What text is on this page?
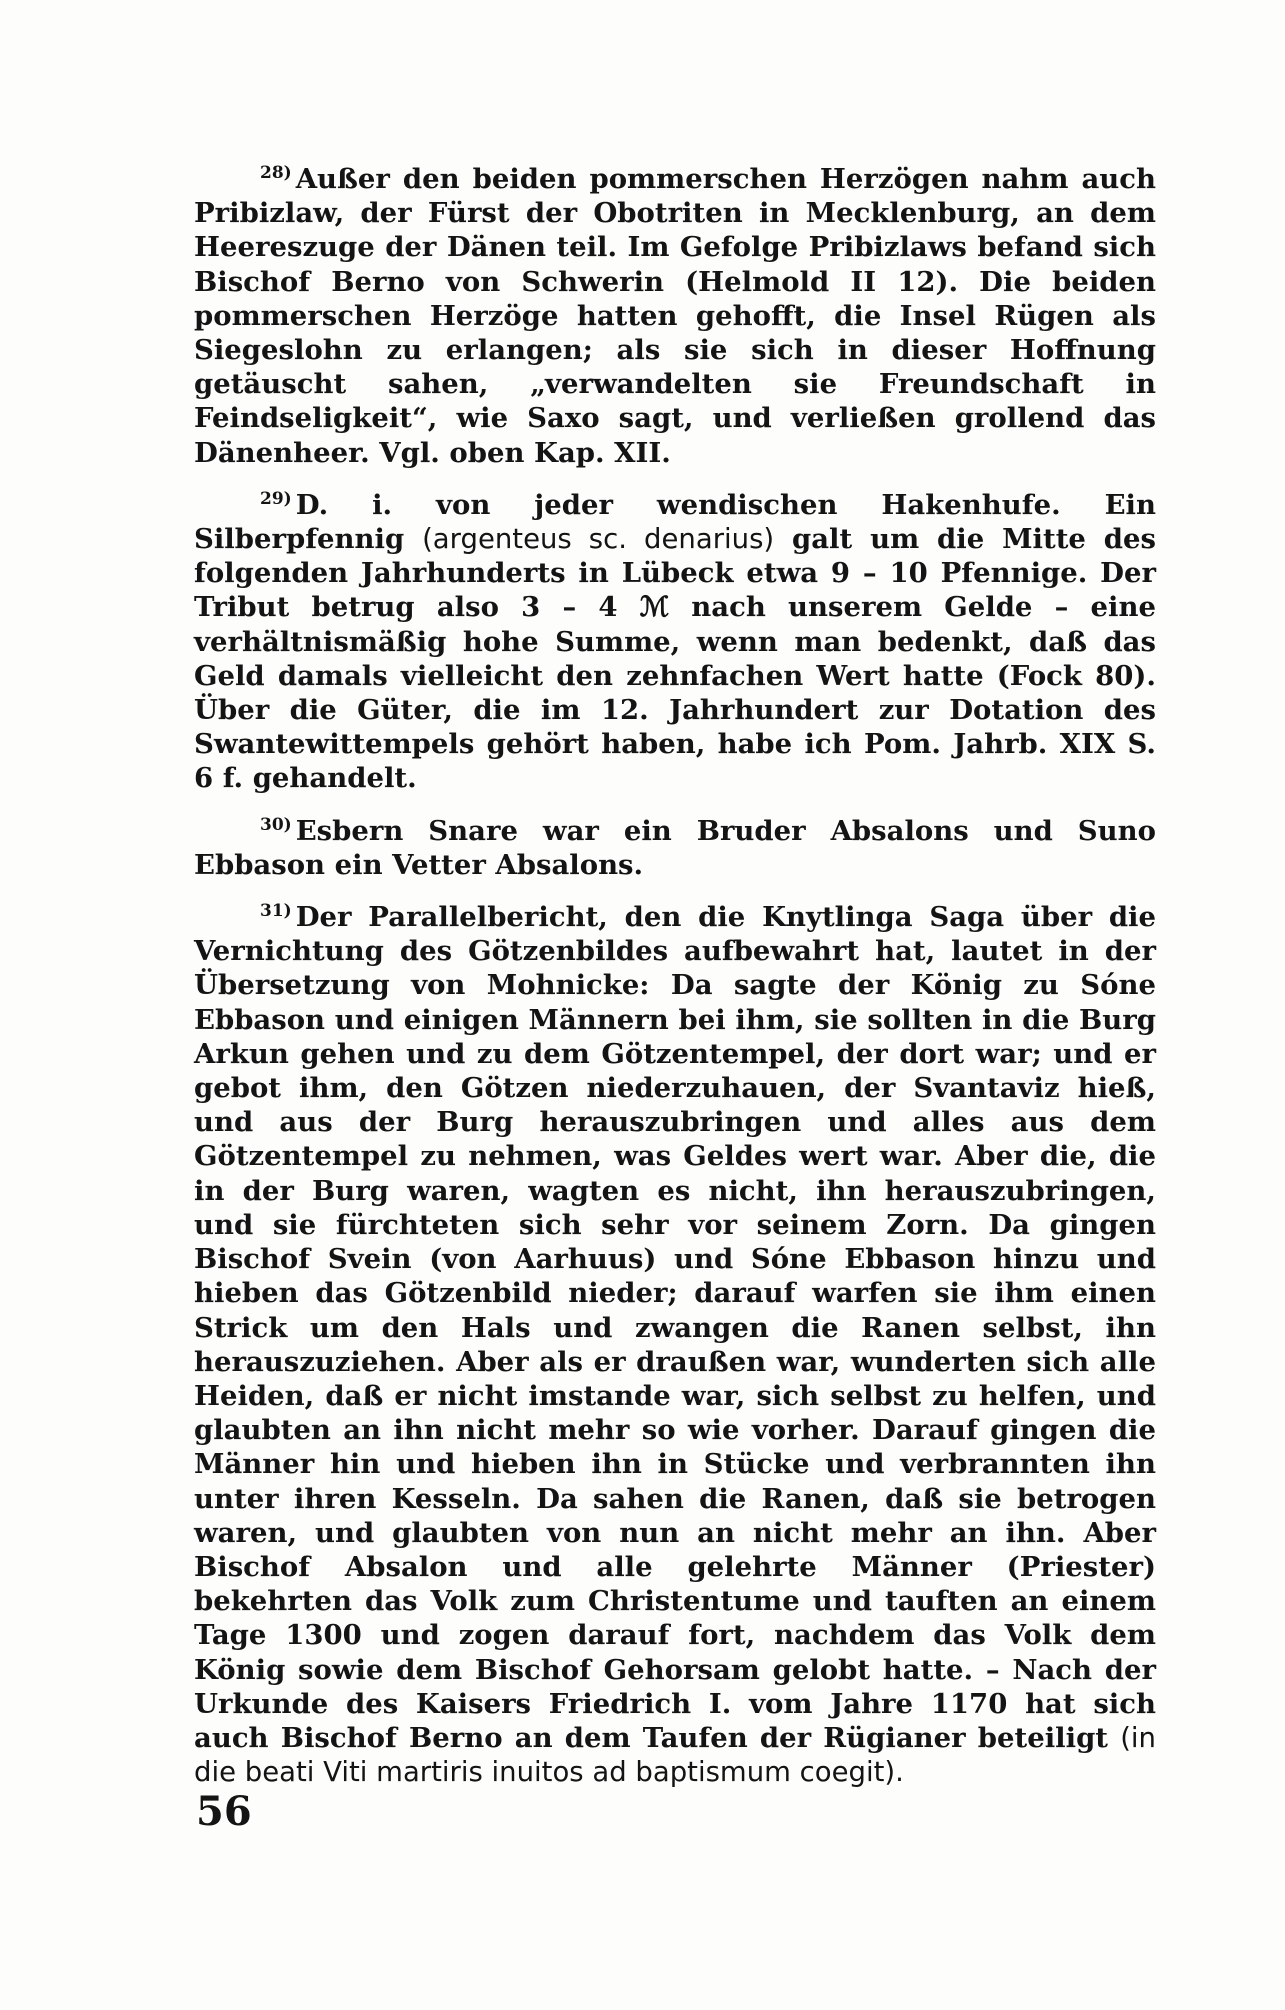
$^{28)}$ Außer den beiden pommerschen Herzögen nahm auch Pribizlaw, der Fürst der Obotriten in Mecklenburg, an dem Heereszuge der Dänen teil. Im Gefolge Pribizlaws befand sich Bischof Berno von Schwerin (Helmold II 12). Die beiden pommerschen Herzöge hatten gehofft, die Insel Rügen als Siegeslohn zu erlangen; als sie sich in dieser Hoffnung getäuscht sahen, „verwandelten sie Freundschaft in Feindseligkeit“, wie Saxo sagt, und verließen grollend das Dänenheer. Vgl. oben Kap. XII.

$^{29)}$ D. i. von jeder wendischen Hakenhufe. Ein Silberpfennig (argenteus sc. denarius) galt um die Mitte des folgenden Jahrhunderts in Lübeck etwa 9 – 10 Pfennige. Der Tribut betrug also 3 – 4 ℳ nach unserem Gelde – eine verhältnismäßig hohe Summe, wenn man bedenkt, daß das Geld damals vielleicht den zehnfachen Wert hatte (Fock 80). Über die Güter, die im 12. Jahrhundert zur Dotation des Swantewittempels gehört haben, habe ich Pom. Jahrb. XIX S. 6 f. gehandelt.

$^{30)}$ Esbern Snare war ein Bruder Absalons und Suno Ebbason ein Vetter Absalons.

$^{31)}$ Der Parallelbericht, den die Knytlinga Saga über die Vernichtung des Götzenbildes aufbewahrt hat, lautet in der Übersetzung von Mohnicke: Da sagte der König zu Sóne Ebbason und einigen Männern bei ihm, sie sollten in die Burg Arkun gehen und zu dem Götzentempel, der dort war; und er gebot ihm, den Götzen niederzuhauen, der Svantaviz hieß, und aus der Burg herauszubringen und alles aus dem Götzentempel zu nehmen, was Geldes wert war. Aber die, die in der Burg waren, wagten es nicht, ihn herauszubringen, und sie fürchteten sich sehr vor seinem Zorn. Da gingen Bischof Svein (von Aarhuus) und Sóne Ebbason hinzu und hieben das Götzenbild nieder; darauf warfen sie ihm einen Strick um den Hals und zwangen die Ranen selbst, ihn herauszuziehen. Aber als er draußen war, wunderten sich alle Heiden, daß er nicht imstande war, sich selbst zu helfen, und glaubten an ihn nicht mehr so wie vorher. Darauf gingen die Männer hin und hieben ihn in Stücke und verbrannten ihn unter ihren Kesseln. Da sahen die Ranen, daß sie betrogen waren, und glaubten von nun an nicht mehr an ihn. Aber Bischof Absalon und alle gelehrte Männer (Priester) bekehrten das Volk zum Christentume und tauften an einem Tage 1300 und zogen darauf fort, nachdem das Volk dem König sowie dem Bischof Gehorsam gelobt hatte. – Nach der Urkunde des Kaisers Friedrich I. vom Jahre 1170 hat sich auch Bischof Berno an dem Taufen der Rügianer beteiligt (in die beati Viti martiris inuitos ad baptismum coegit).

56
